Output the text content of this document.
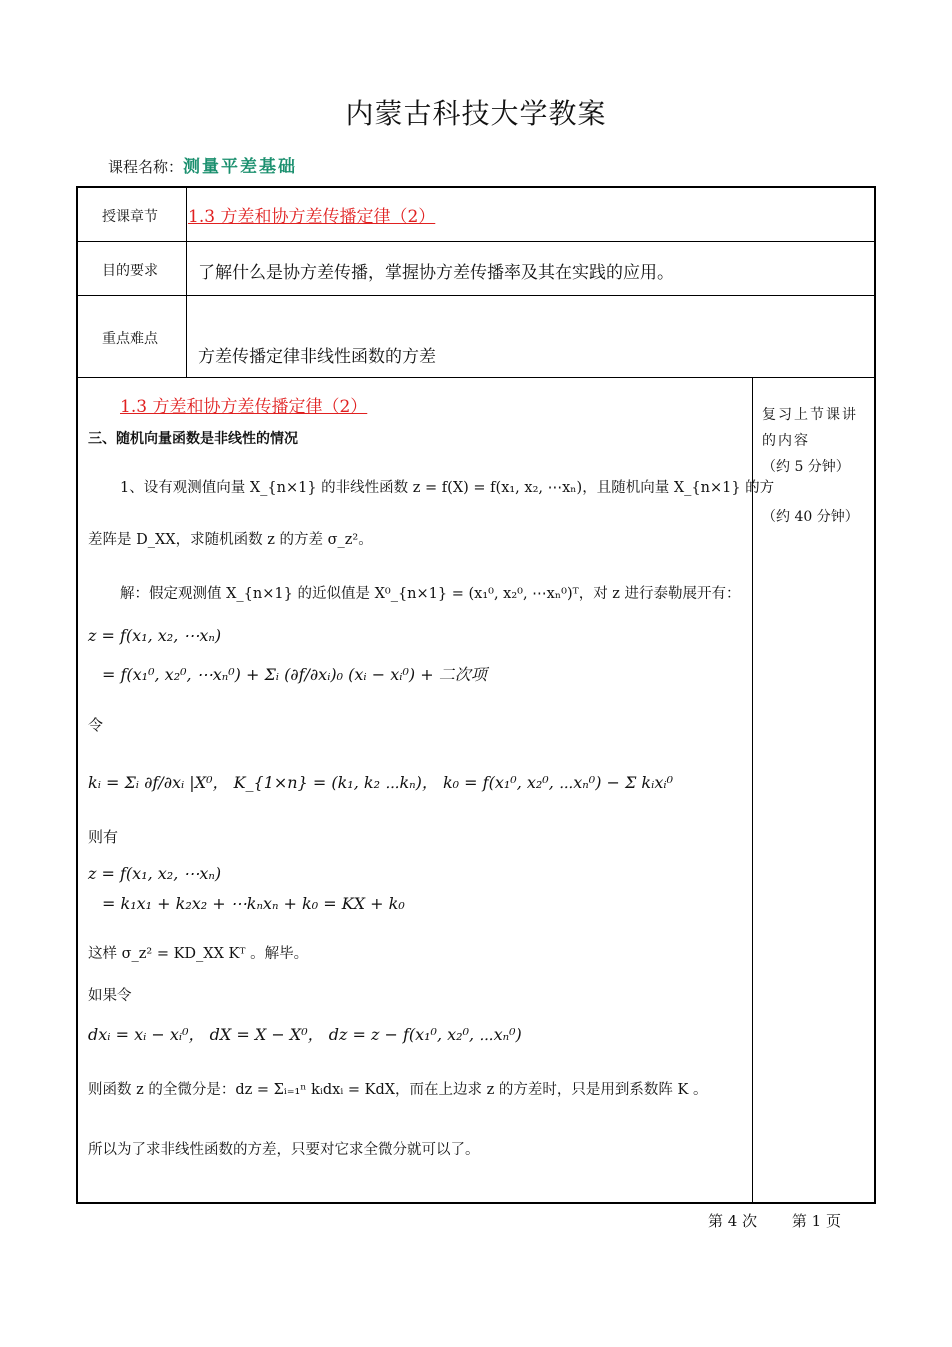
内蒙古科技大学教案
课程名称：测量平差基础
授课章节 1.3 方差和协方差传播定律（2）
目的要求 了解什么是协方差传播，掌握协方差传播率及其在实践的应用。
重点难点
方差传播定律非线性函数的方差
1.3 方差和协方差传播定律（2）
三、随机向量函数是非线性的情况
1、设有观测值向量 X_{n×1} 的非线性函数 z = f(X) = f(x₁, x₂, ⋯xₙ)，且随机向量 X_{n×1} 的方
差阵是 D_XX，求随机函数 z 的方差 σ_z²。
解：假定观测值 X_{n×1} 的近似值是 X⁰_{n×1} = (x₁⁰, x₂⁰, ⋯xₙ⁰)ᵀ，对 z 进行泰勒展开有：
z = f(x₁, x₂, ⋯xₙ)
= f(x₁⁰, x₂⁰, ⋯xₙ⁰) + Σᵢ (∂f/∂xᵢ)₀ (xᵢ − xᵢ⁰) + 二次项
令
kᵢ = Σᵢ ∂f/∂xᵢ |X⁰， K_{1×n} = (k₁, k₂ ⋯kₙ)， k₀ = f(x₁⁰, x₂⁰, ⋯xₙ⁰) − Σ kᵢxᵢ⁰
则有
z = f(x₁, x₂, ⋯xₙ)
= k₁x₁ + k₂x₂ + ⋯kₙxₙ + k₀ = KX + k₀
这样 σ_z² = KD_XX Kᵀ 。解毕。
如果令
dxᵢ = xᵢ − xᵢ⁰， dX = X − X⁰， dz = z − f(x₁⁰, x₂⁰, ⋯xₙ⁰)
则函数 z 的全微分是：dz = Σᵢ₌₁ⁿ kᵢdxᵢ = KdX，而在上边求 z 的方差时，只是用到系数阵 K 。
所以为了求非线性函数的方差，只要对它求全微分就可以了。
复习上节课讲的内容
（约 5 分钟）
（约 40 分钟）
第 4 次 第 1 页
